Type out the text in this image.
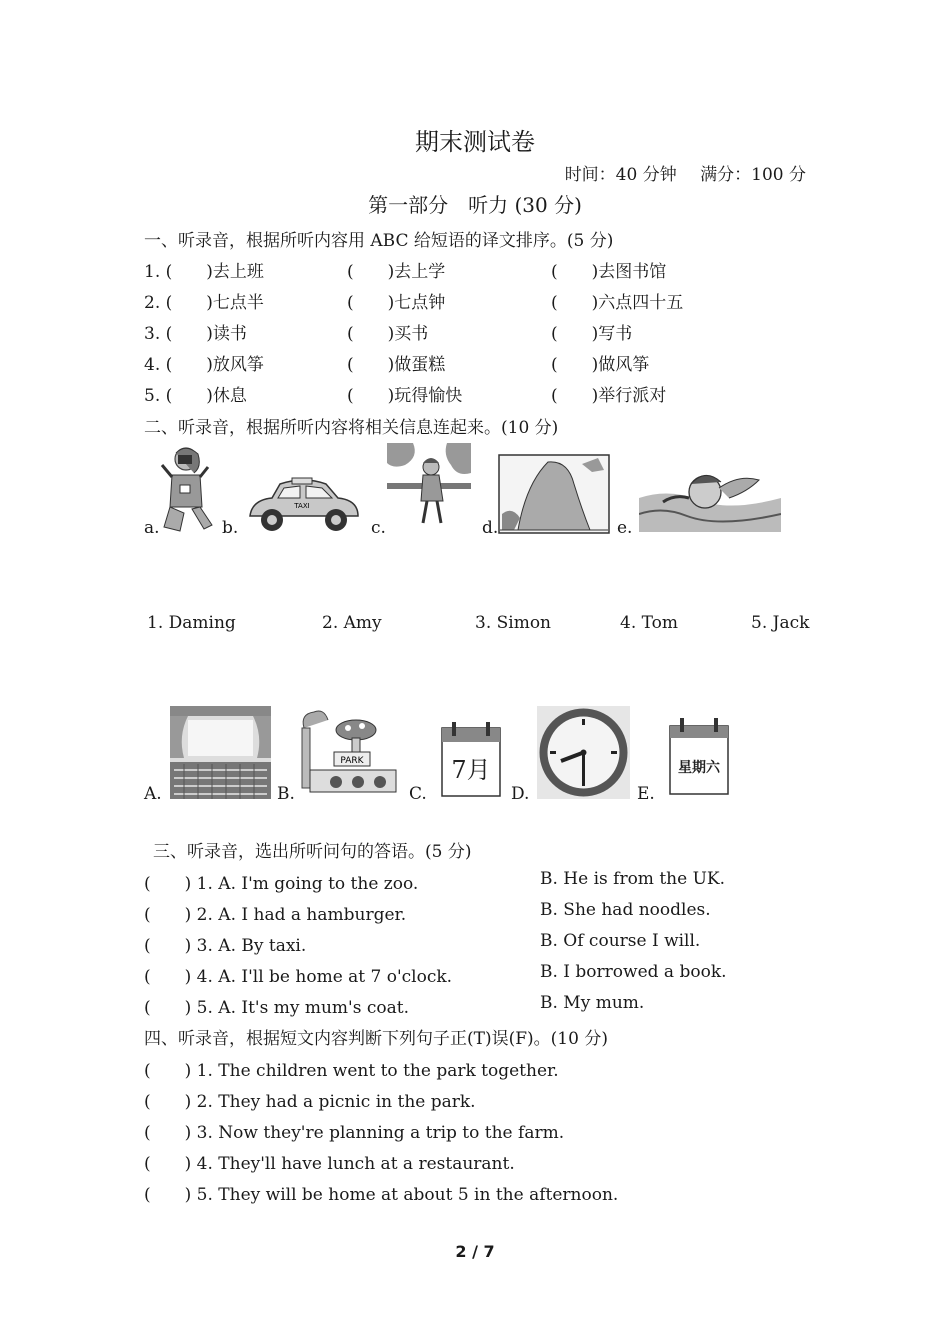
期末测试卷
时间：40 分钟 满分：100 分
第一部分　听力 (30 分)
一、听录音，根据所听内容用 ABC 给短语的译文排序。(5 分)
1. (　　)去上班	(　　)去上学	(　　)去图书馆
2. (　　)七点半	(　　)七点钟	(　　)六点四十五
3. (　　)读书	(　　)买书	(　　)写书
4. (　　)放风筝	(　　)做蛋糕	(　　)做风筝
5. (　　)休息	(　　)玩得愉快	(　　)举行派对
二、听录音，根据所听内容将相关信息连起来。(10 分)
a.	b.
TAXI
c.	d.	e.
1. Daming	2. Amy	3. Simon	4. Tom	5. Jack
A.	B.
PARK
C.
7月
D.	E.
星期六
三、听录音，选出所听问句的答语。(5 分)
(　　) 1. A. I'm going to the zoo.	B. He is from the UK.
(　　) 2. A. I had a hamburger.	B. She had noodles.
(　　) 3. A. By taxi.	B. Of course I will.
(　　) 4. A. I'll be home at 7 o'clock.	B. I borrowed a book.
(　　) 5. A. It's my mum's coat.	B. My mum.
四、听录音，根据短文内容判断下列句子正(T)误(F)。(10 分)
(　　) 1. The children went to the park together.
(　　) 2. They had a picnic in the park.
(　　) 3. Now they're planning a trip to the farm.
(　　) 4. They'll have lunch at a restaurant.
(　　) 5. They will be home at about 5 in the afternoon.
2 / 7
